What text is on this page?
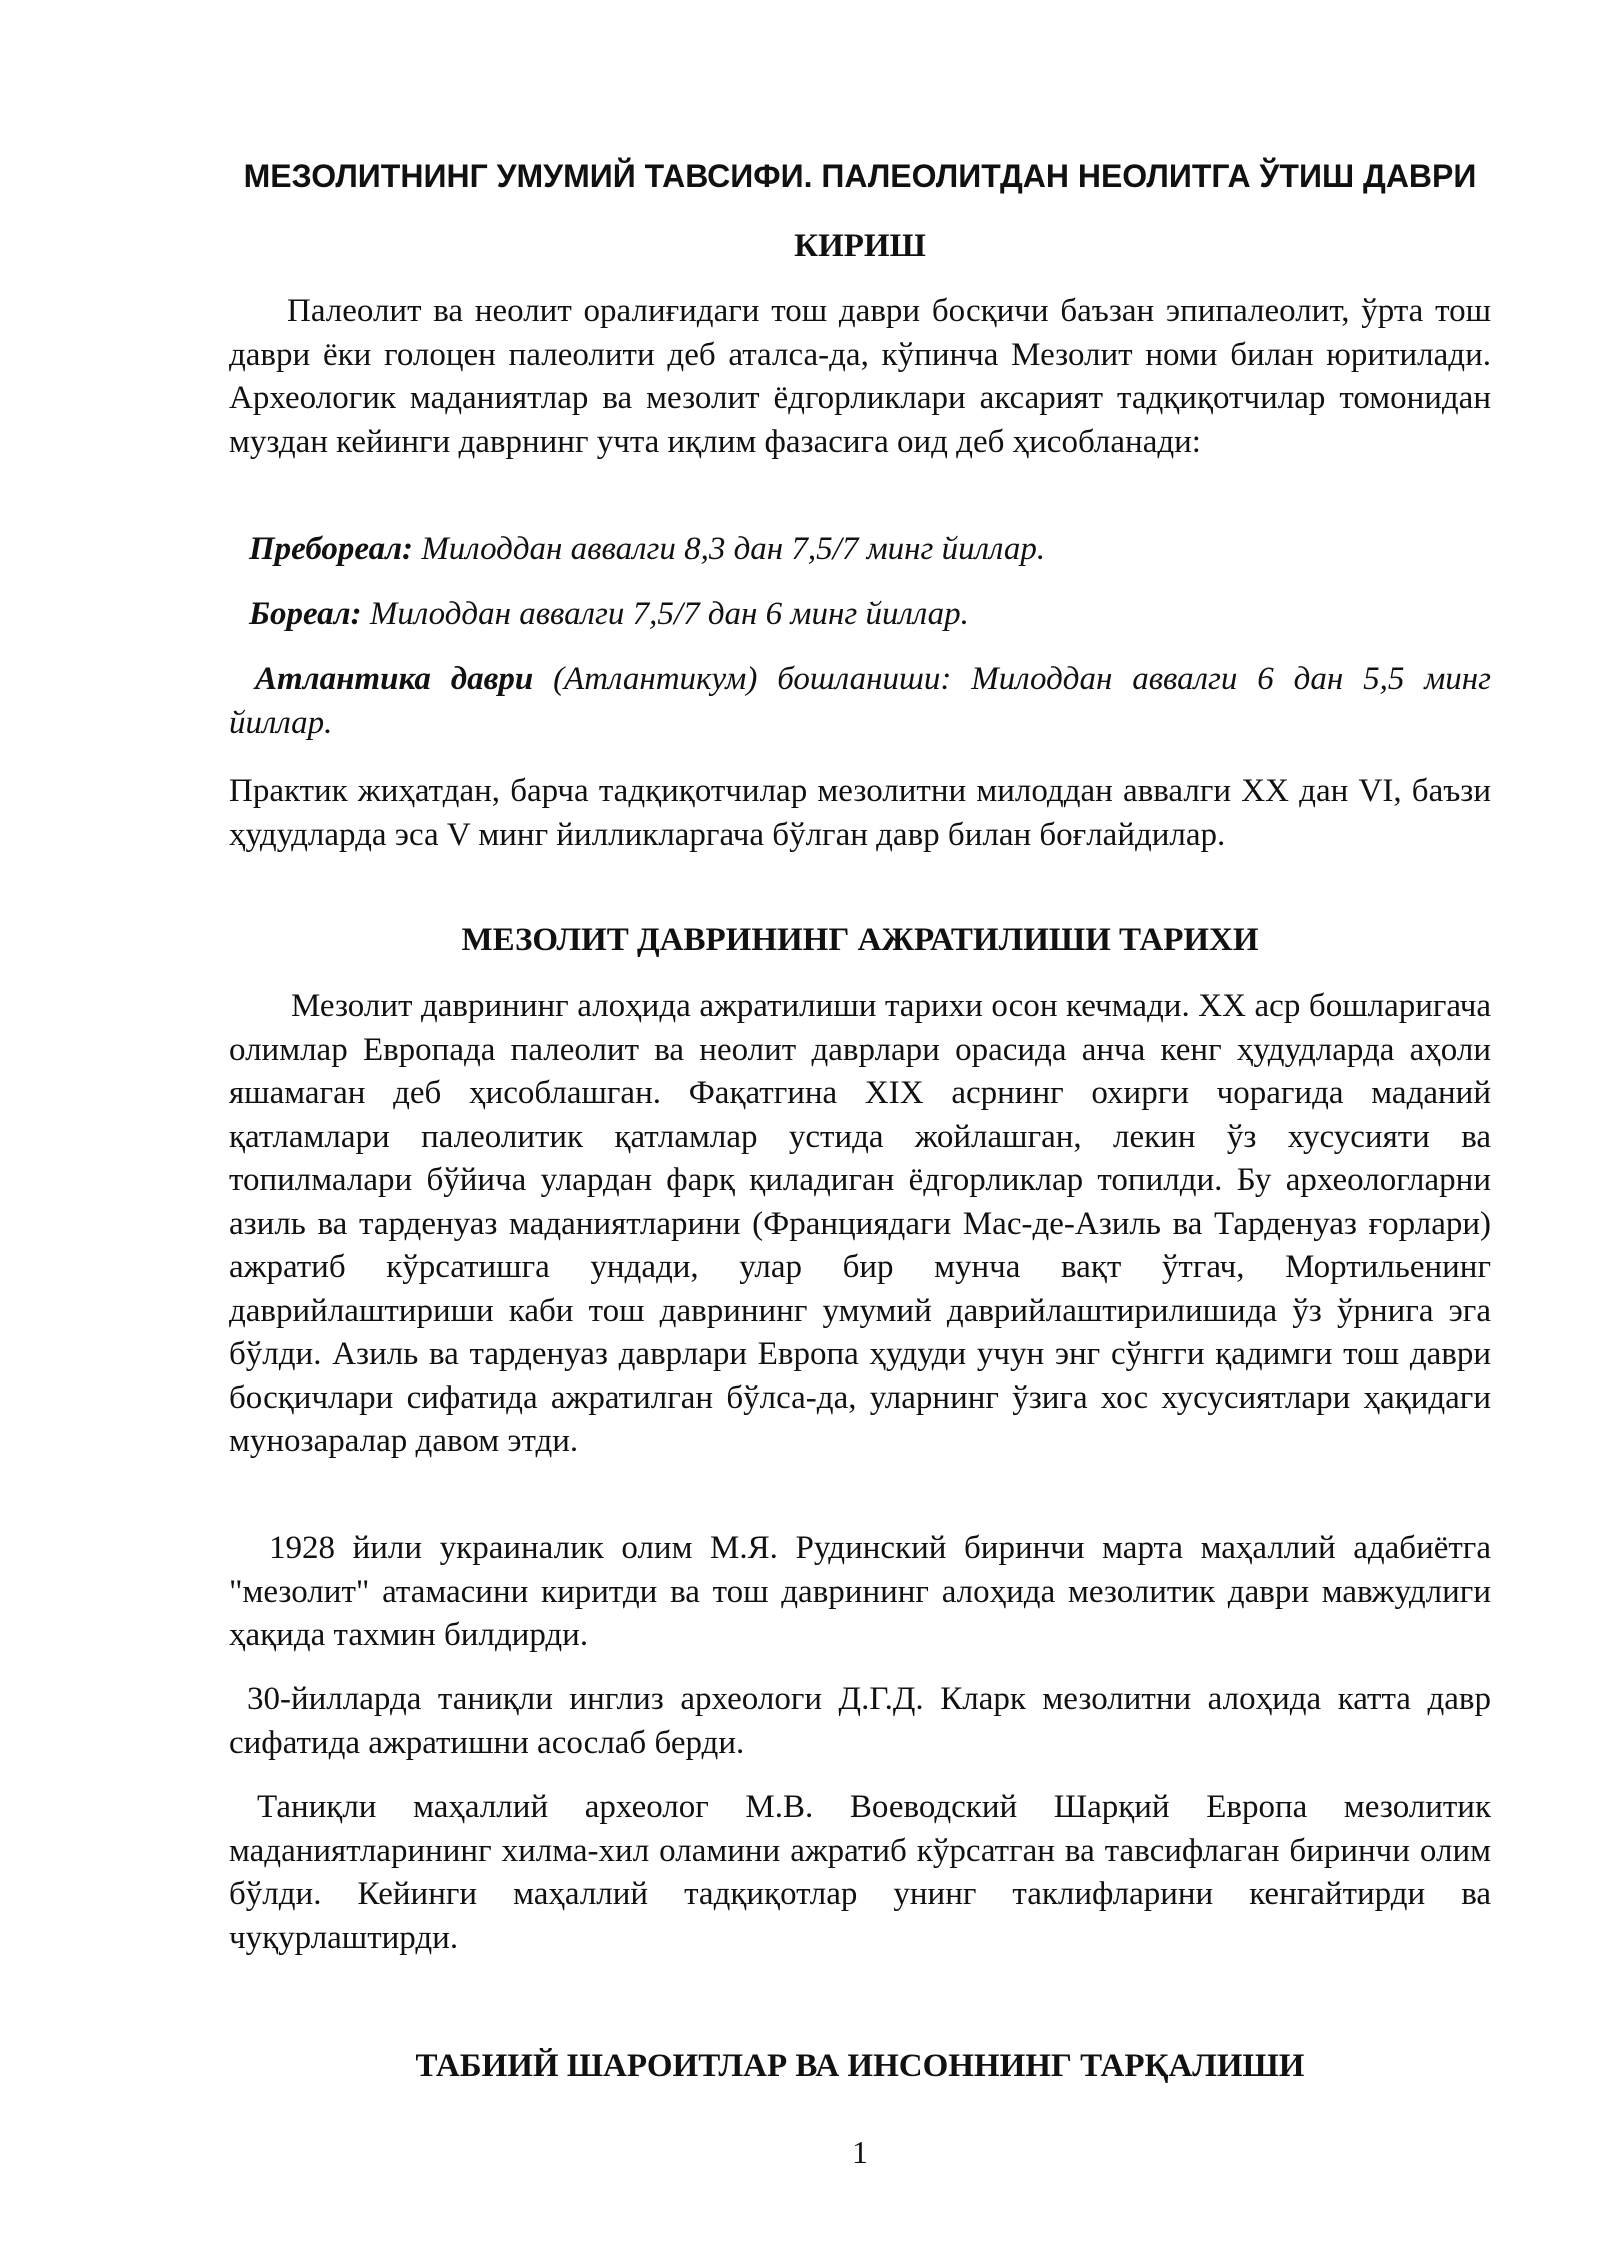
МЕЗОЛИТНИНГ УМУМИЙ ТАВСИФИ. ПАЛЕОЛИТДАН НЕОЛИТГА ЎТИШ ДАВРИ
КИРИШ

Палеолит ва неолит оралиғидаги тош даври босқичи баъзан эпипалеолит, ўрта тош даври ёки голоцен палеолити деб аталса-да, кўпинча Мезолит номи билан юритилади. Археологик маданиятлар ва мезолит ёдгорликлари аксарият тадқиқотчилар томонидан муздан кейинги даврнинг учта иқлим фазасига оид деб ҳисобланади:

Пребореал: Милоддан аввалги 8,3 дан 7,5/7 минг йиллар.

Бореал: Милоддан аввалги 7,5/7 дан 6 минг йиллар.

Атлантика даври (Атлантикум) бошланиши: Милоддан аввалги 6 дан 5,5 минг йиллар.

Практик жиҳатдан, барча тадқиқотчилар мезолитни милоддан аввалги XX дан VI, баъзи ҳудудларда эса V минг йилликларгача бўлган давр билан боғлайдилар.

МЕЗОЛИТ ДАВРИНИНГ АЖРАТИЛИШИ ТАРИХИ

Мезолит даврининг алоҳида ажратилиши тарихи осон кечмади. XX аср бошларигача олимлар Европада палеолит ва неолит даврлари орасида анча кенг ҳудудларда аҳоли яшамаган деб ҳисоблашган. Фақатгина XIX асрнинг охирги чорагида маданий қатламлари палеолитик қатламлар устида жойлашган, лекин ўз хусусияти ва топилмалари бўйича улардан фарқ қиладиган ёдгорликлар топилди. Бу археологларни азиль ва тарденуаз маданиятларини (Франциядаги Мас-де-Азиль ва Тарденуаз ғорлари) ажратиб кўрсатишга ундади, улар бир мунча вақт ўтгач, Мортильенинг даврийлаштириши каби тош даврининг умумий даврийлаштирилишида ўз ўрнига эга бўлди. Азиль ва тарденуаз даврлари Европа ҳудуди учун энг сўнгги қадимги тош даври босқичлари сифатида ажратилган бўлса-да, уларнинг ўзига хос хусусиятлари ҳақидаги мунозаралар давом этди.

1928 йили украиналик олим М.Я. Рудинский биринчи марта маҳаллий адабиётга "мезолит" атамасини киритди ва тош даврининг алоҳида мезолитик даври мавжудлиги ҳақида тахмин билдирди.

30-йилларда таниқли инглиз археологи Д.Г.Д. Кларк мезолитни алоҳида катта давр сифатида ажратишни асослаб берди.

Таниқли маҳаллий археолог М.В. Воеводский Шарқий Европа мезолитик маданиятларининг хилма-хил оламини ажратиб кўрсатган ва тавсифлаган биринчи олим бўлди. Кейинги маҳаллий тадқиқотлар унинг таклифларини кенгайтирди ва чуқурлаштирди.

ТАБИИЙ ШАРОИТЛАР ВА ИНСОННИНГ ТАРҚАЛИШИ

1
